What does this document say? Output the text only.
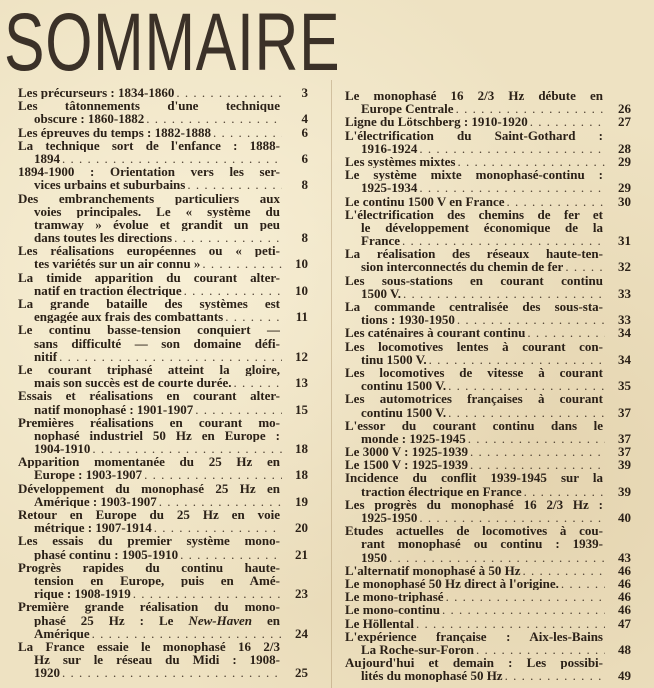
SOMMAIRE
Les précurseurs : 1834-1860 . . .	3
Les tâtonnements d'une technique
obscure : 1860-1882 . . .	4
Les épreuves du temps : 1882-1888 . . .	6
La technique sort de l'enfance : 1888-
1894 . . .	6
1894-1900 : Orientation vers les ser-
vices urbains et suburbains . . .	8
Des embranchements particuliers aux
voies principales. Le « système du
tramway » évolue et grandit un peu
dans toutes les directions . . .	8
Les réalisations européennes ou « peti-
tes variétés sur un air connu » . . .	10
La timide apparition du courant alter-
natif en traction électrique . . .	10
La grande bataille des systèmes est
engagée aux frais des combattants . . .	11
Le continu basse-tension conquiert —
sans difficulté — son domaine défi-
nitif . . .	12
Le courant triphasé atteint la gloire,
mais son succès est de courte durée. . . .	13
Essais et réalisations en courant alter-
natif monophasé : 1901-1907 . . .	15
Premières réalisations en courant mo-
nophasé industriel 50 Hz en Europe :
1904-1910 . . .	18
Apparition momentanée du 25 Hz en
Europe : 1903-1907 . . .	18
Développement du monophasé 25 Hz en
Amérique : 1903-1907 . . .	19
Retour en Europe du 25 Hz en voie
métrique : 1907-1914 . . .	20
Les essais du premier système mono-
phasé continu : 1905-1910 . . .	21
Progrès rapides du continu haute-
tension en Europe, puis en Amé-
rique : 1908-1919 . . .	23
Première grande réalisation du mono-
phasé 25 Hz : Le New-Haven en
Amérique . . .	24
La France essaie le monophasé 16 2/3
Hz sur le réseau du Midi : 1908-
1920 . . .	25
Le monophasé 16 2/3 Hz débute en
Europe Centrale . . .	26
Ligne du Lötschberg : 1910-1920 . . .	27
L'électrification du Saint-Gothard :
1916-1924 . . .	28
Les systèmes mixtes . . .	29
Le système mixte monophasé-continu :
1925-1934 . . .	29
Le continu 1500 V en France . . .	30
L'électrification des chemins de fer et
le développement économique de la
France . . .	31
La réalisation des réseaux haute-ten-
sion interconnectés du chemin de fer . . .	32
Les sous-stations en courant continu
1500 V. . . .	33
La commande centralisée des sous-sta-
tions : 1930-1950 . . .	33
Les caténaires à courant continu . . .	34
Les locomotives lentes à courant con-
tinu 1500 V. . . .	34
Les locomotives de vitesse à courant
continu 1500 V. . . .	35
Les automotrices françaises à courant
continu 1500 V. . . .	37
L'essor du courant continu dans le
monde : 1925-1945 . . .	37
Le 3000 V : 1925-1939 . . .	37
Le 1500 V : 1925-1939 . . .	39
Incidence du conflit 1939-1945 sur la
traction électrique en France . . .	39
Les progrès du monophasé 16 2/3 Hz :
1925-1950 . . .	40
Etudes actuelles de locomotives à cou-
rant monophasé ou continu : 1939-
1950 . . .	43
L'alternatif monophasé à 50 Hz . . .	46
Le monophasé 50 Hz direct à l'origine. . . .	46
Le mono-triphasé . . .	46
Le mono-continu . . .	46
Le Höllental . . .	47
L'expérience française : Aix-les-Bains
La Roche-sur-Foron . . .	48
Aujourd'hui et demain : Les possibi-
lités du monophasé 50 Hz . . .	49
